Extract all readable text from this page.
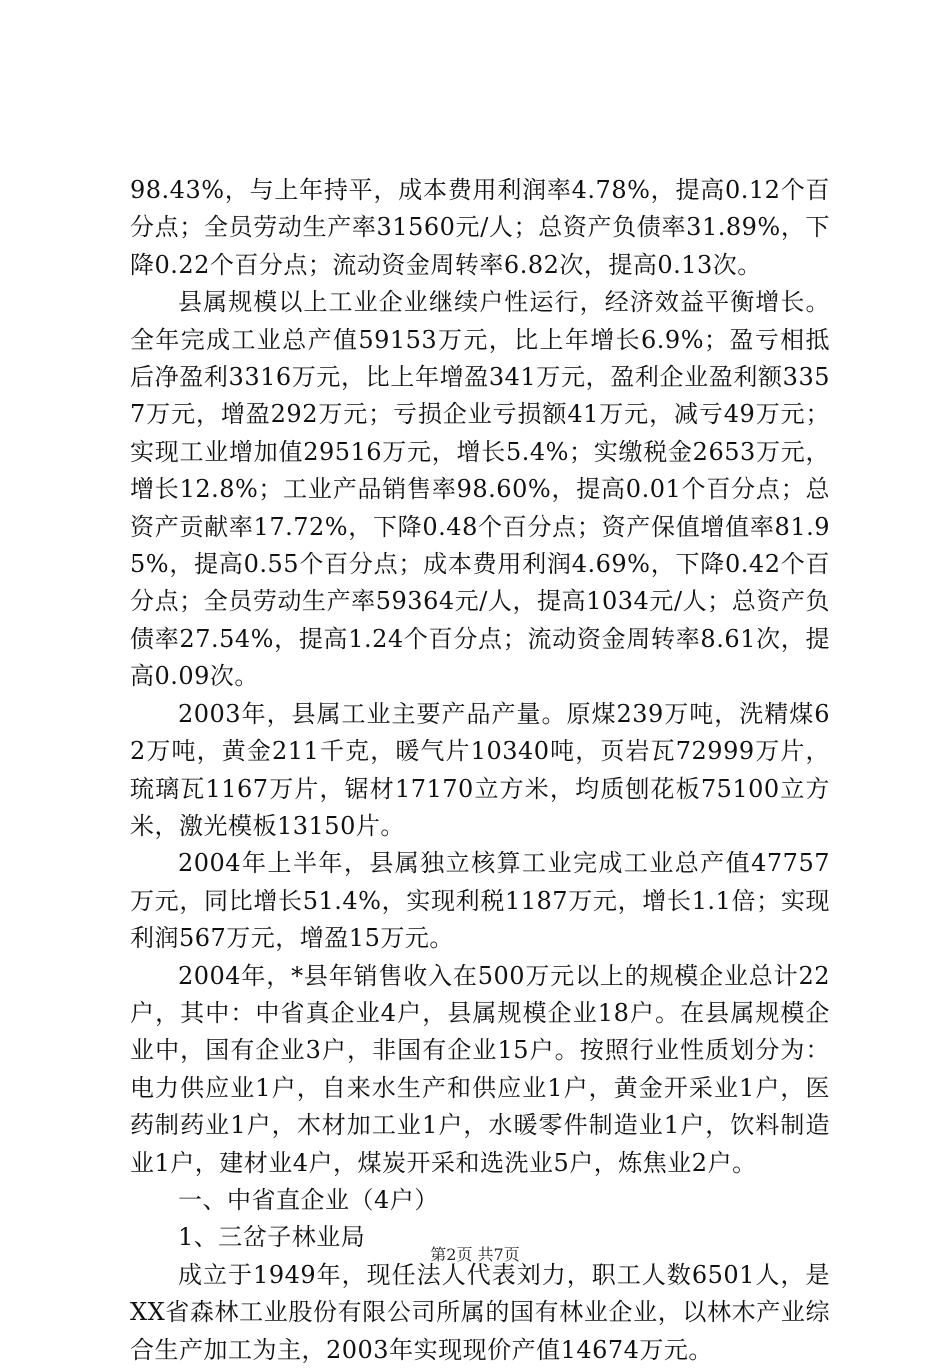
98.43%，与上年持平，成本费用利润率4.78%，提高0.12个百分点；全员劳动生产率31560元/人；总资产负债率31.89%，下降0.22个百分点；流动资金周转率6.82次，提高0.13次。

县属规模以上工业企业继续户性运行，经济效益平衡增长。全年完成工业总产值59153万元，比上年增长6.9%；盈亏相抵后净盈利3316万元，比上年增盈341万元，盈利企业盈利额3357万元，增盈292万元；亏损企业亏损额41万元，减亏49万元；实现工业增加值29516万元，增长5.4%；实缴税金2653万元，增长12.8%；工业产品销售率98.60%，提高0.01个百分点；总资产贡献率17.72%，下降0.48个百分点；资产保值增值率81.95%，提高0.55个百分点；成本费用利润4.69%，下降0.42个百分点；全员劳动生产率59364元/人，提高1034元/人；总资产负债率27.54%，提高1.24个百分点；流动资金周转率8.61次，提高0.09次。

2003年，县属工业主要产品产量。原煤239万吨，洗精煤62万吨，黄金211千克，暖气片10340吨，页岩瓦72999万片，琉璃瓦1167万片，锯材17170立方米，均质刨花板75100立方米，激光模板13150片。

2004年上半年，县属独立核算工业完成工业总产值47757万元，同比增长51.4%，实现利税1187万元，增长1.1倍；实现利润567万元，增盈15万元。

2004年，*县年销售收入在500万元以上的规模企业总计22户，其中：中省真企业4户，县属规模企业18户。在县属规模企业中，国有企业3户，非国有企业15户。按照行业性质划分为：电力供应业1户，自来水生产和供应业1户，黄金开采业1户，医药制药业1户，木材加工业1户，水暖零件制造业1户，饮料制造业1户，建材业4户，煤炭开采和选洗业5户，炼焦业2户。

一、中省直企业（4户）

1、三岔子林业局

成立于1949年，现任法人代表刘力，职工人数6501人，是XX省森林工业股份有限公司所属的国有林业企业，以林木产业综合生产加工为主，2003年实现现价产值14674万元。

第2页 共7页
